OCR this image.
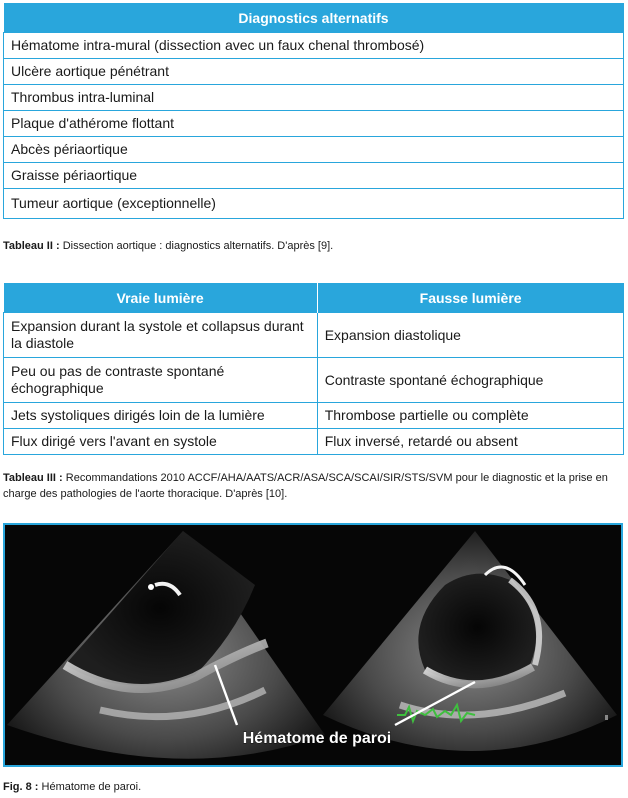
Diagnostics alternatifs
Hématome intra-mural (dissection avec un faux chenal thrombosé)
Ulcère aortique pénétrant
Thrombus intra-luminal
Plaque d'athérome flottant
Abcès périaortique
Graisse périaortique
Tumeur aortique (exceptionnelle)
Tableau II : Dissection aortique : diagnostics alternatifs. D'après [9].
Vraie lumière	Fausse lumière
Expansion durant la systole et collapsus durant la diastole	Expansion diastolique
Peu ou pas de contraste spontané échographique	Contraste spontané échographique
Jets systoliques dirigés loin de la lumière	Thrombose partielle ou complète
Flux dirigé vers l'avant en systole	Flux inversé, retardé ou absent
Tableau III : Recommandations 2010 ACCF/AHA/AATS/ACR/ASA/SCA/SCAI/SIR/STS/SVM pour le diagnostic et la prise en charge des pathologies de l'aorte thoracique. D'après [10].
Hématome de paroi
Fig. 8 : Hématome de paroi.
